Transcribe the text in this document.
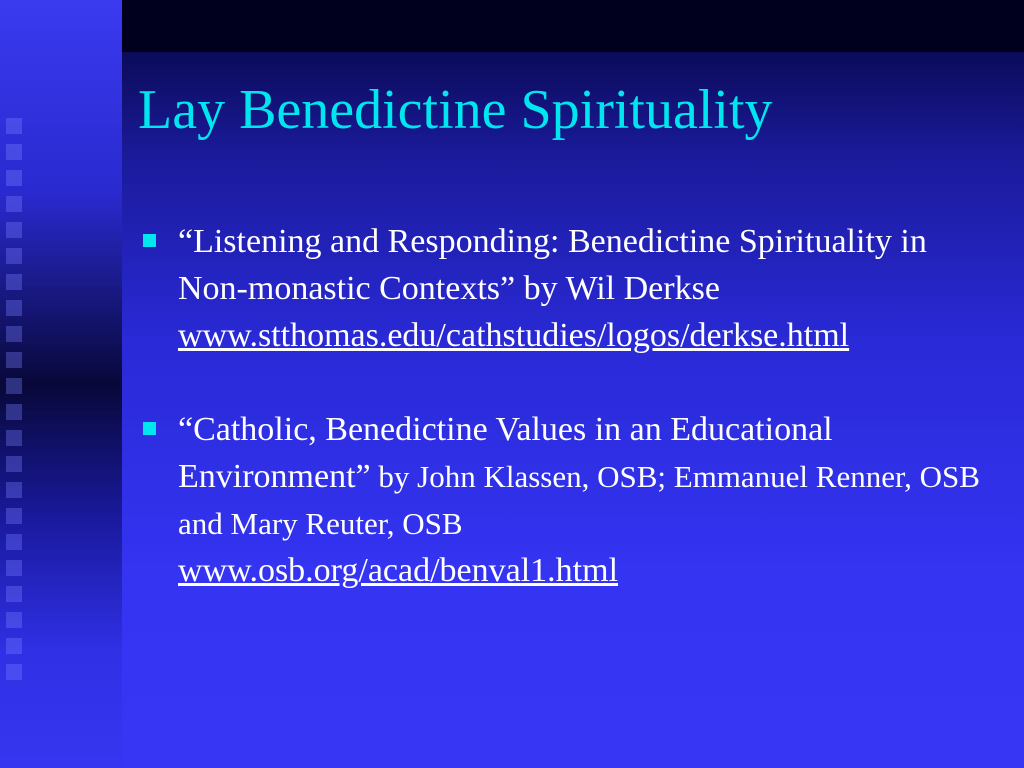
Lay Benedictine Spirituality
“Listening and Responding: Benedictine Spirituality in Non-monastic Contexts” by Wil Derkse
www.stthomas.edu/cathstudies/logos/derkse.html
“Catholic, Benedictine Values in an Educational Environment” by John Klassen, OSB; Emmanuel Renner, OSB and Mary Reuter, OSB
www.osb.org/acad/benval1.html
